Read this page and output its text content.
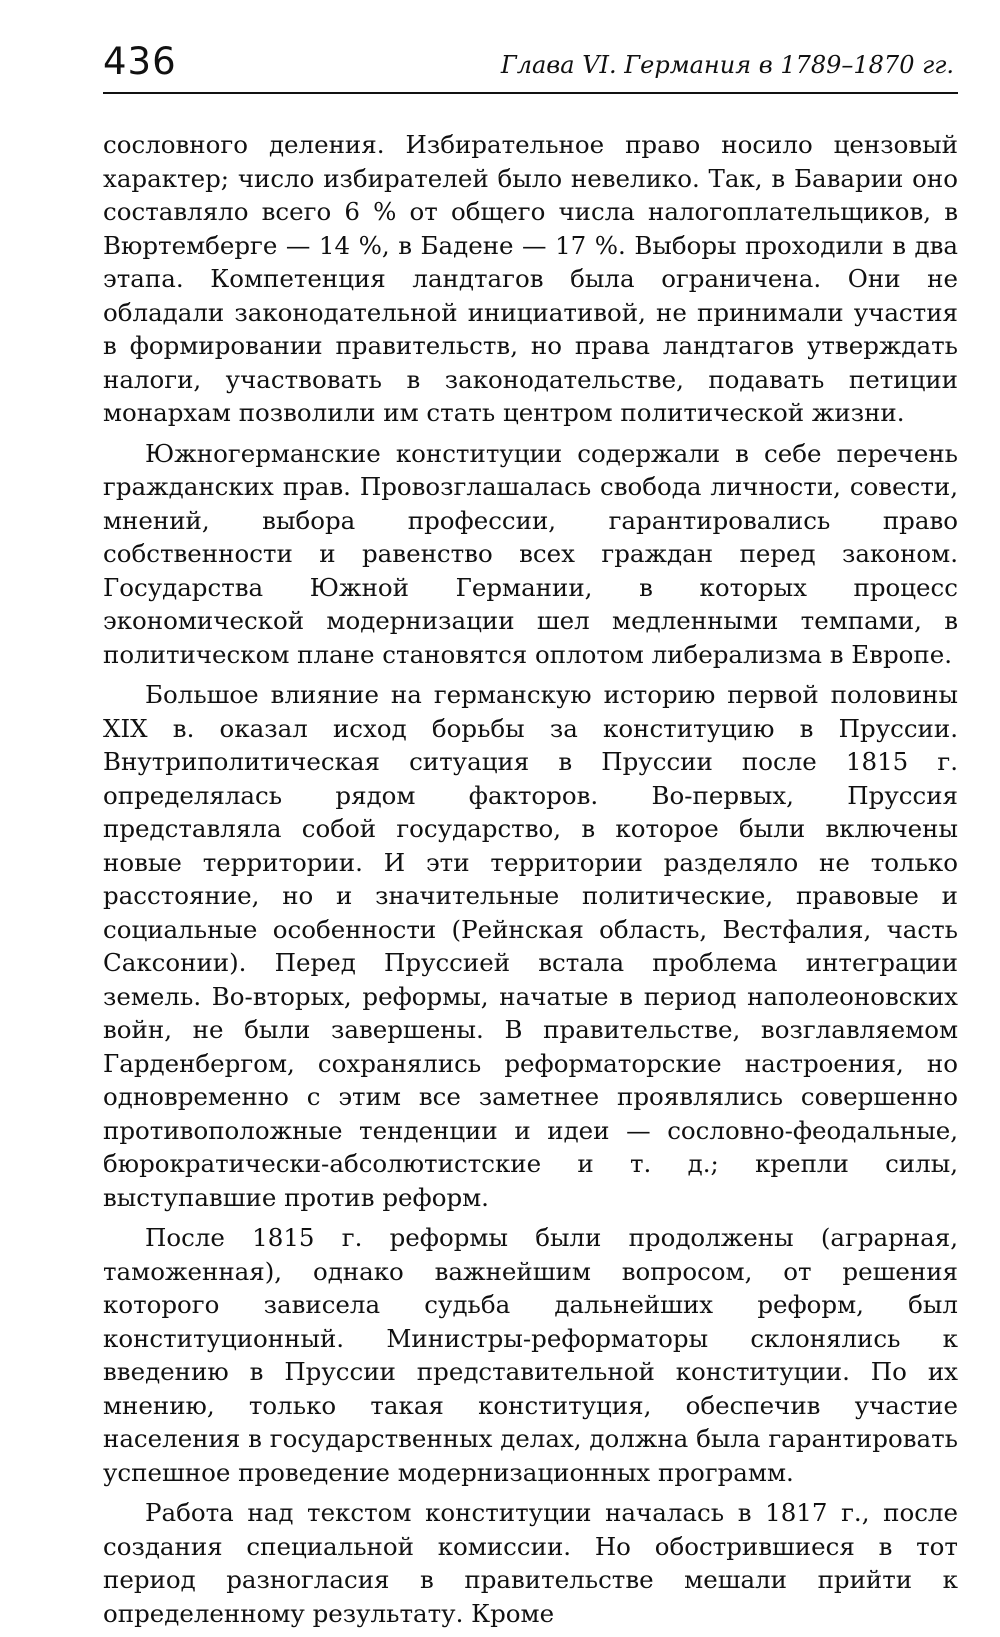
436	Глава VI. Германия в 1789–1870 гг.

сословного деления. Избирательное право носило цензовый характер; число избирателей было невелико. Так, в Баварии оно составляло всего 6 % от общего числа налогоплательщиков, в Вюртемберге — 14 %, в Бадене — 17 %. Выборы проходили в два этапа. Компетенция ландтагов была ограничена. Они не обладали законодательной инициативой, не принимали участия в формировании правительств, но права ландтагов утверждать налоги, участвовать в законодательстве, подавать петиции монархам позволили им стать центром политической жизни.

Южногерманские конституции содержали в себе перечень гражданских прав. Провозглашалась свобода личности, совести, мнений, выбора профессии, гарантировались право собственности и равенство всех граждан перед законом. Государства Южной Германии, в которых процесс экономической модернизации шел медленными темпами, в политическом плане становятся оплотом либерализма в Европе.

Большое влияние на германскую историю первой половины XIX в. оказал исход борьбы за конституцию в Пруссии. Внутриполитическая ситуация в Пруссии после 1815 г. определялась рядом факторов. Во-первых, Пруссия представляла собой государство, в которое были включены новые территории. И эти территории разделяло не только расстояние, но и значительные политические, правовые и социальные особенности (Рейнская область, Вестфалия, часть Саксонии). Перед Пруссией встала проблема интеграции земель. Во-вторых, реформы, начатые в период наполеоновских войн, не были завершены. В правительстве, возглавляемом Гарденбергом, сохранялись реформаторские настроения, но одновременно с этим все заметнее проявлялись совершенно противоположные тенденции и идеи — сословно-феодальные, бюрократически-абсолютистские и т. д.; крепли силы, выступавшие против реформ.

После 1815 г. реформы были продолжены (аграрная, таможенная), однако важнейшим вопросом, от решения которого зависела судьба дальнейших реформ, был конституционный. Министры-реформаторы склонялись к введению в Пруссии представительной конституции. По их мнению, только такая конституция, обеспечив участие населения в государственных делах, должна была гарантировать успешное проведение модернизационных программ.

Работа над текстом конституции началась в 1817 г., после создания специальной комиссии. Но обострившиеся в тот период разногласия в правительстве мешали прийти к определенному результату. Кроме
